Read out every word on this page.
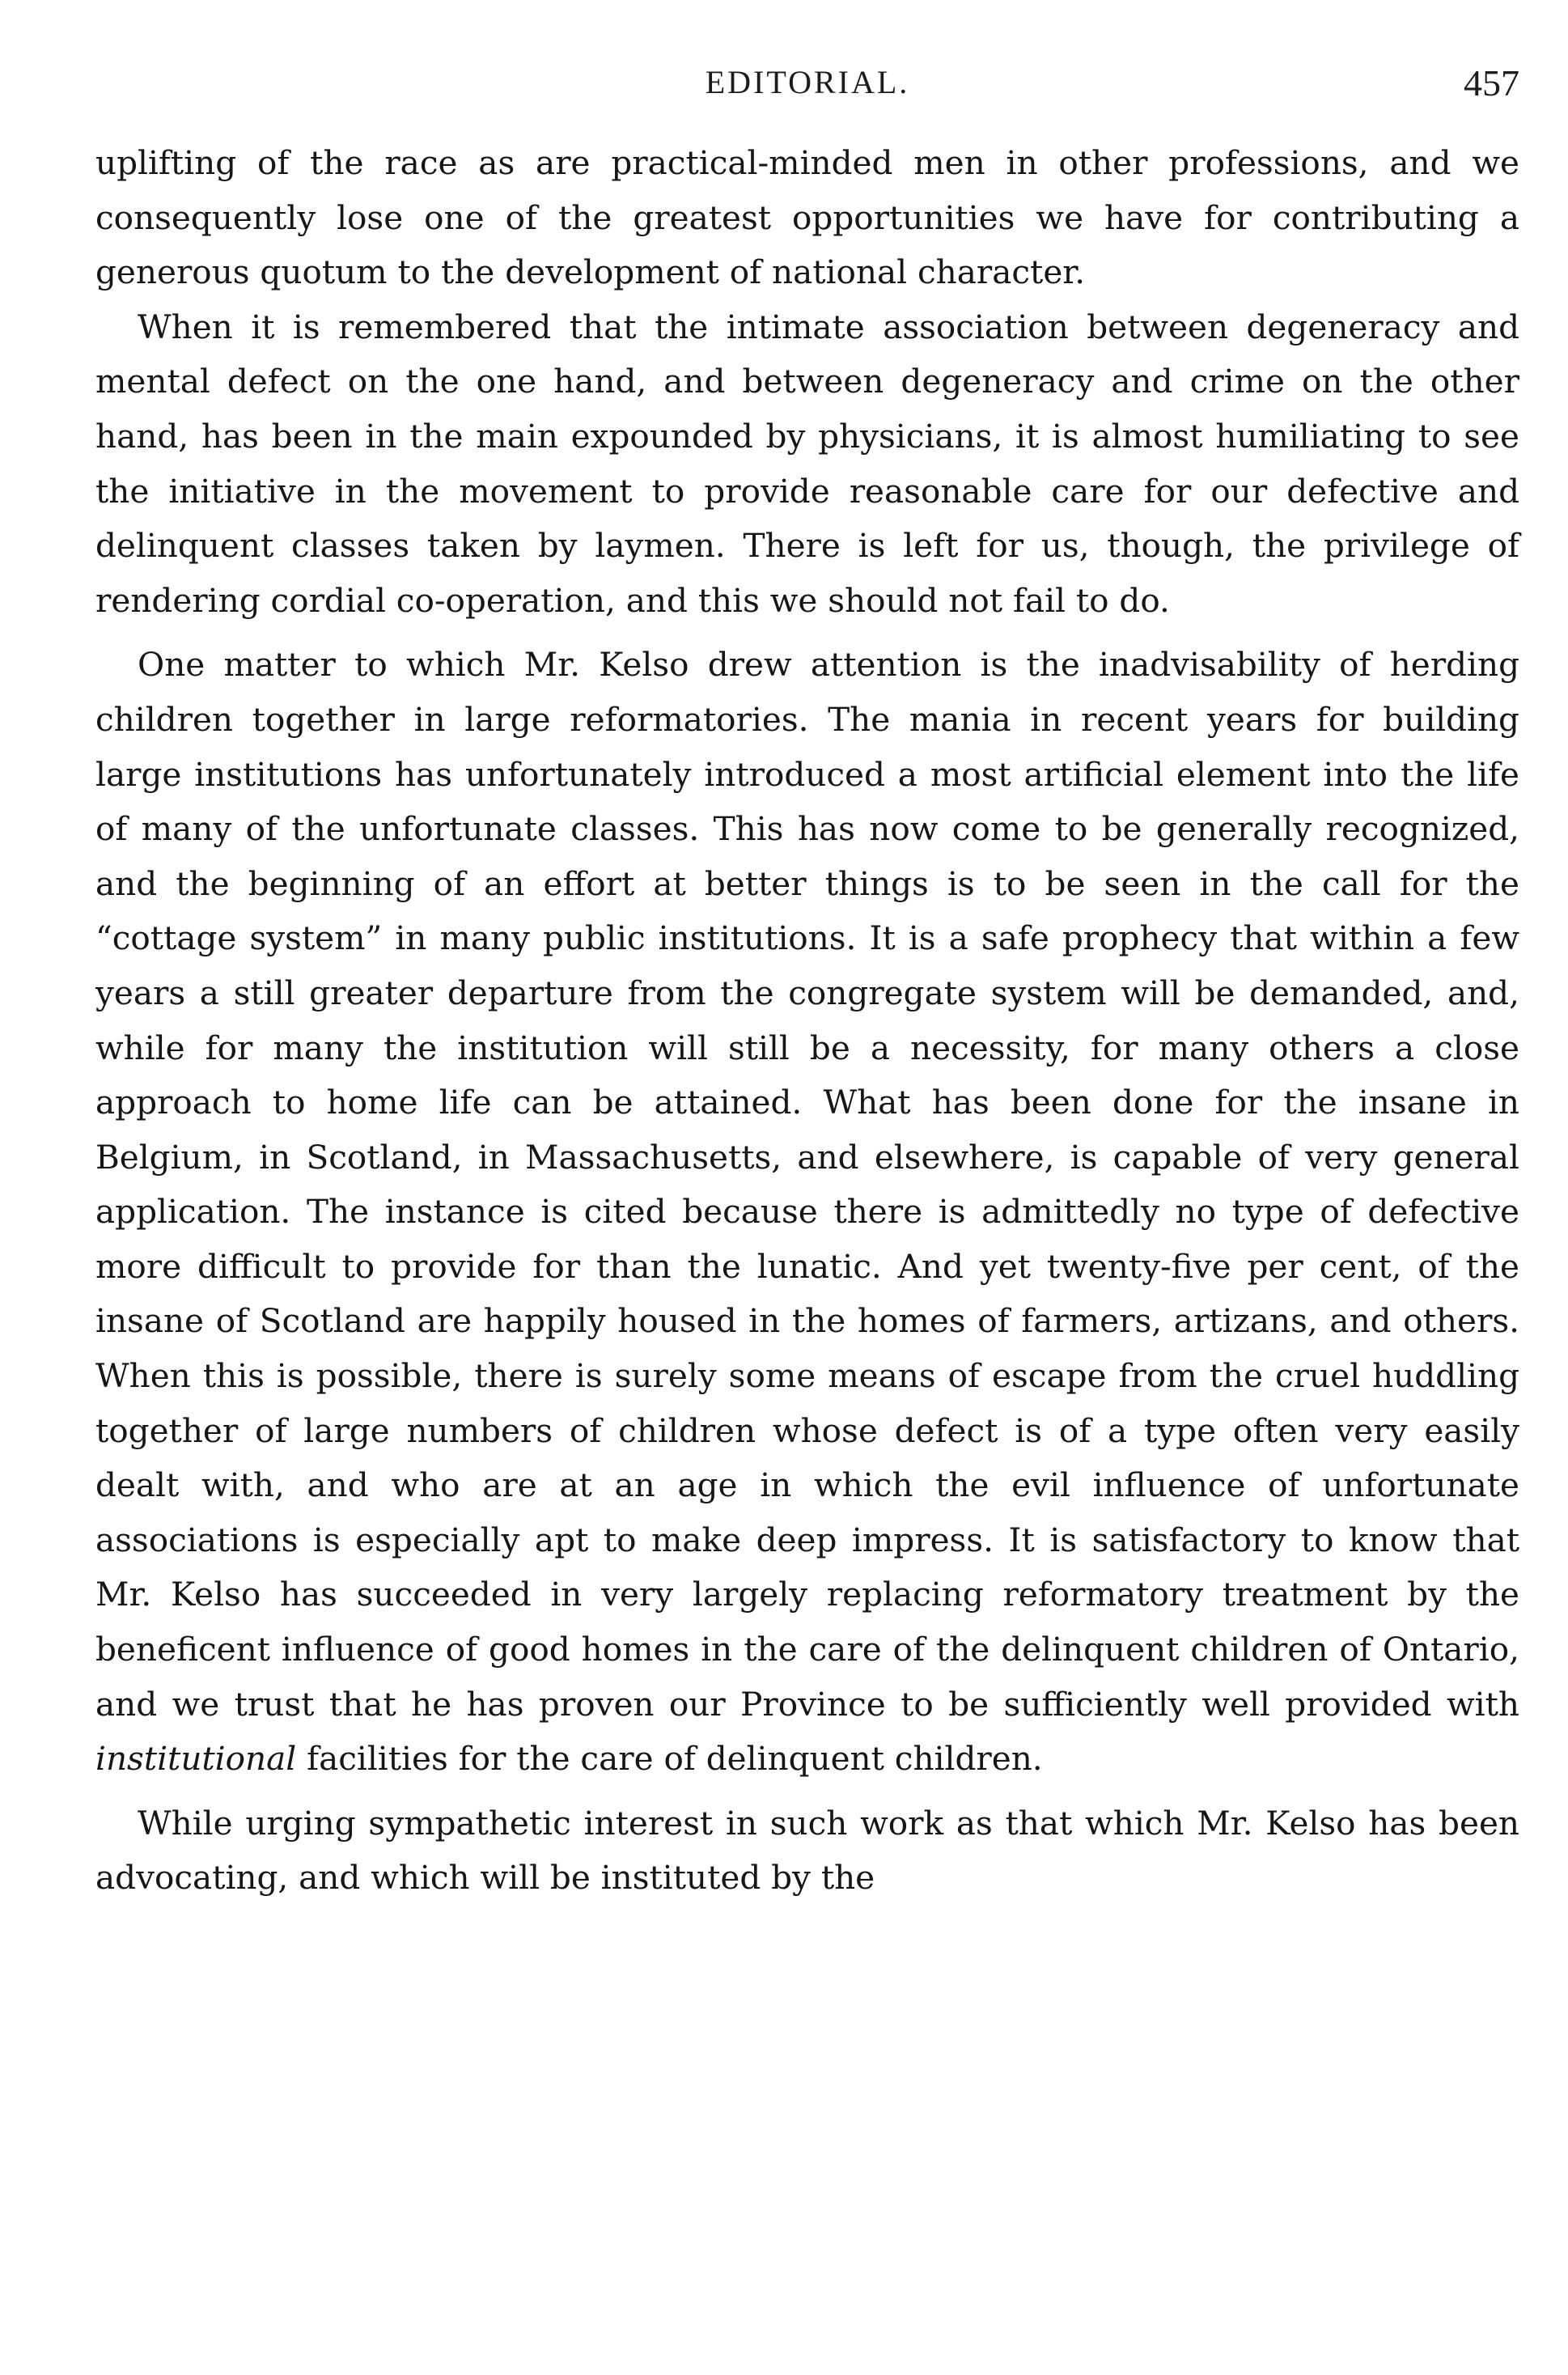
EDITORIAL.	457

uplifting of the race as are practical-minded men in other professions, and we consequently lose one of the greatest opportunities we have for contributing a generous quotum to the development of national character.

When it is remembered that the intimate association between degeneracy and mental defect on the one hand, and between degeneracy and crime on the other hand, has been in the main expounded by physicians, it is almost humiliating to see the initiative in the movement to provide reasonable care for our defective and delinquent classes taken by laymen. There is left for us, though, the privilege of rendering cordial co-operation, and this we should not fail to do.

One matter to which Mr. Kelso drew attention is the inadvisability of herding children together in large reformatories. The mania in recent years for building large institutions has unfortunately introduced a most artificial element into the life of many of the unfortunate classes. This has now come to be generally recognized, and the beginning of an effort at better things is to be seen in the call for the “cottage system” in many public institutions. It is a safe prophecy that within a few years a still greater departure from the congregate system will be demanded, and, while for many the institution will still be a necessity, for many others a close approach to home life can be attained. What has been done for the insane in Belgium, in Scotland, in Massachusetts, and elsewhere, is capable of very general application. The instance is cited because there is admittedly no type of defective more difficult to provide for than the lunatic. And yet twenty-five per cent, of the insane of Scotland are happily housed in the homes of farmers, artizans, and others. When this is possible, there is surely some means of escape from the cruel huddling together of large numbers of children whose defect is of a type often very easily dealt with, and who are at an age in which the evil influence of unfortunate associations is especially apt to make deep impress. It is satisfactory to know that Mr. Kelso has succeeded in very largely replacing reformatory treatment by the beneficent influence of good homes in the care of the delinquent children of Ontario, and we trust that he has proven our Province to be sufficiently well provided with institutional facilities for the care of delinquent children.

While urging sympathetic interest in such work as that which Mr. Kelso has been advocating, and which will be instituted by the
